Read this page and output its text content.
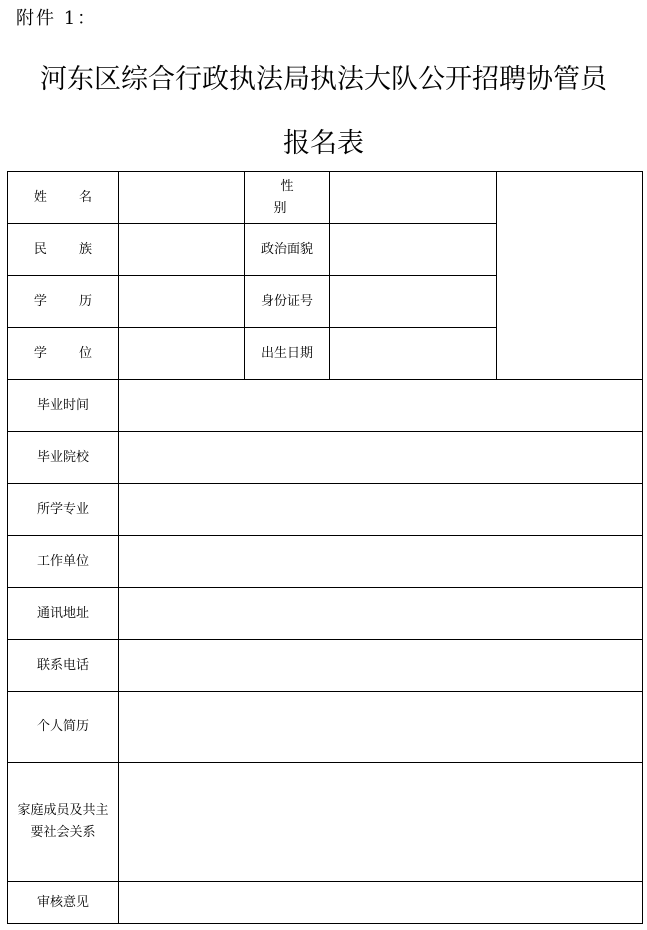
附件 1：
河东区综合行政执法局执法大队公开招聘协管员
报名表
姓 名		性 别		
民 族		政治面貌		
学 历		身份证号		
学 位		出生日期		
毕业时间				
毕业院校				
所学专业				
工作单位				
通讯地址				
联系电话				
个人简历				

家庭成员及共主要社会关系				

审核意见				
